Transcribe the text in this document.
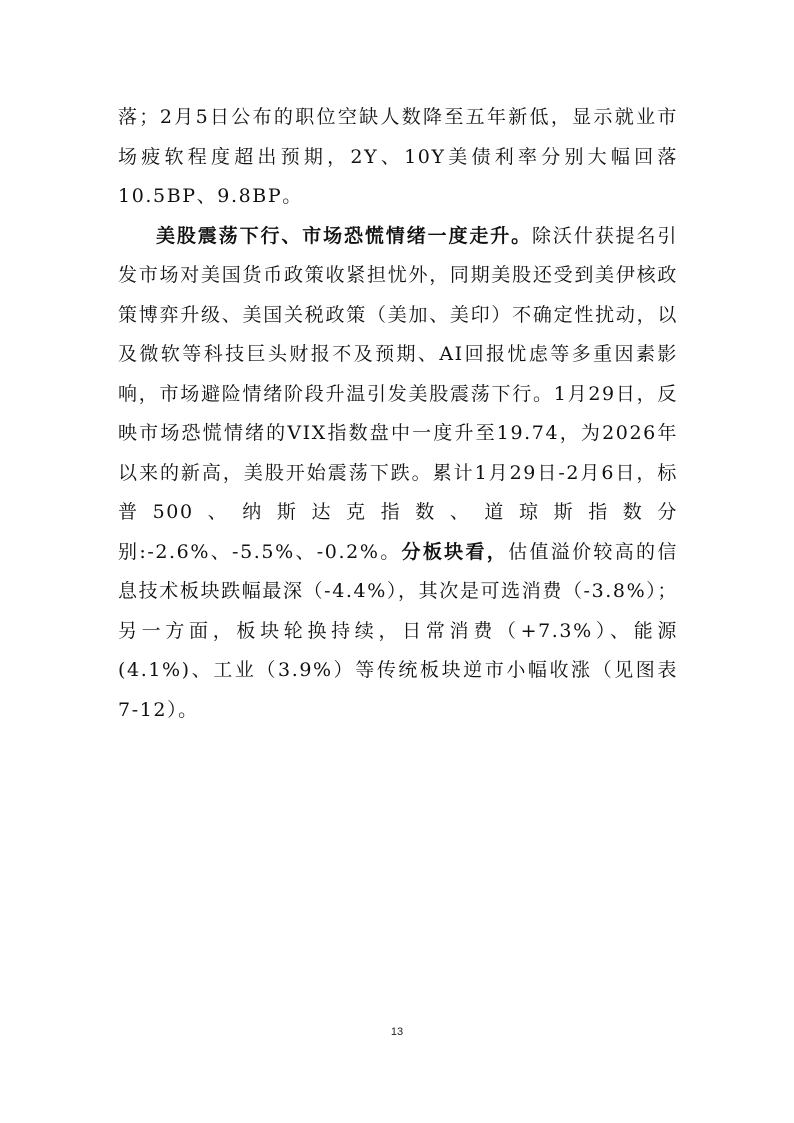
落；2月5日公布的职位空缺人数降至五年新低，显示就业市场疲软程度超出预期，2Y、10Y美债利率分别大幅回落10.5BP、9.8BP。

美股震荡下行、市场恐慌情绪一度走升。除沃什获提名引发市场对美国货币政策收紧担忧外，同期美股还受到美伊核政策博弈升级、美国关税政策（美加、美印）不确定性扰动，以及微软等科技巨头财报不及预期、AI回报忧虑等多重因素影响，市场避险情绪阶段升温引发美股震荡下行。1月29日，反映市场恐慌情绪的VIX指数盘中一度升至19.74，为2026年以来的新高，美股开始震荡下跌。累计1月29日-2月6日，标普500、纳斯达克指数、道琼斯指数分别:-2.6%、-5.5%、-0.2%。分板块看，估值溢价较高的信息技术板块跌幅最深（-4.4%），其次是可选消费（-3.8%）；另一方面，板块轮换持续，日常消费（+7.3%）、能源(4.1%)、工业（3.9%）等传统板块逆市小幅收涨（见图表7-12）。

13
